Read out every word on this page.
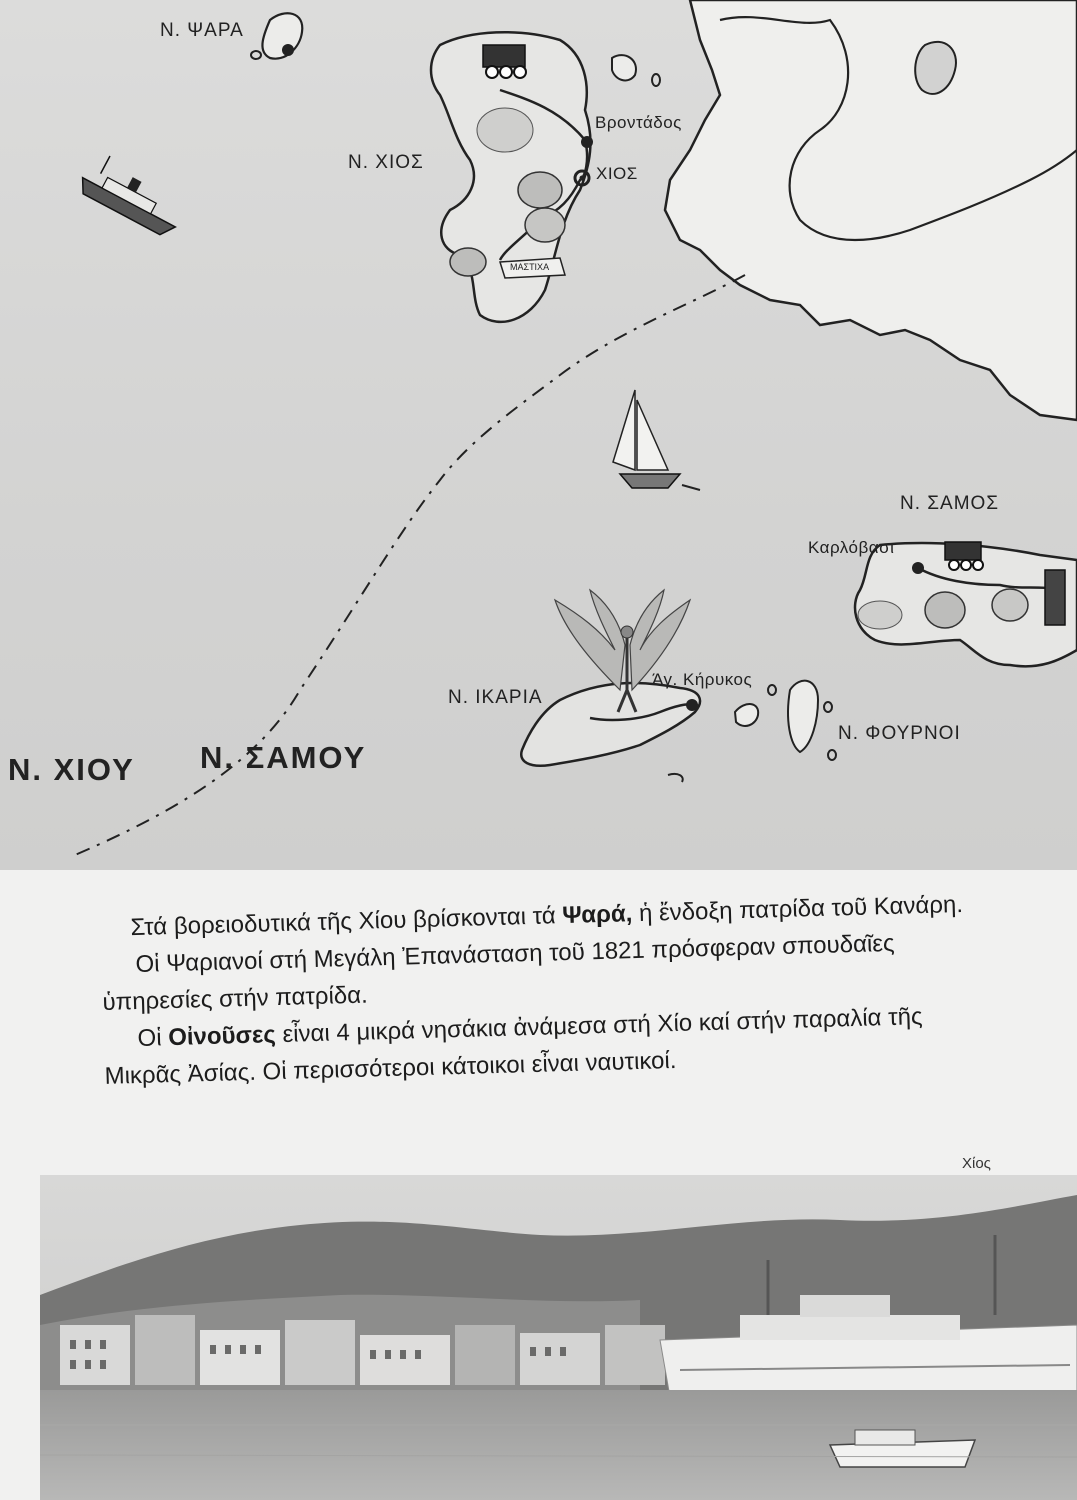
Ν. ΨΑΡΑ
Ν. ΧΙΟΣ
Βροντάδος
ΧΙΟΣ
ΜΑΣΤΙΧΑ
Ν. ΣΑΜΟΣ
Καρλόβασι
Ν. ΙΚΑΡΙΑ
Άγ. Κήρυκος
Ν. ΦΟΥΡΝΟΙ
Ν. ΧΙΟΥ Ν. ΣΑΜΟΥ

Στά βορειοδυτικά τῆς Χίου βρίσκονται τά Ψαρά, ἡ ἔνδοξη πατρίδα τοῦ Κανάρη.

Οἱ Ψαριανοί στή Μεγάλη Ἐπανάσταση τοῦ 1821 πρόσφεραν σπουδαῖες ὑπηρεσίες στήν πατρίδα.

Οἱ Οἰνοῦσες εἶναι 4 μικρά νησάκια ἀνάμεσα στή Χίο καί στήν παραλία τῆς Μικρᾶς Ἀσίας. Οἱ περισσότεροι κάτοικοι εἶναι ναυτικοί.

Χίος
